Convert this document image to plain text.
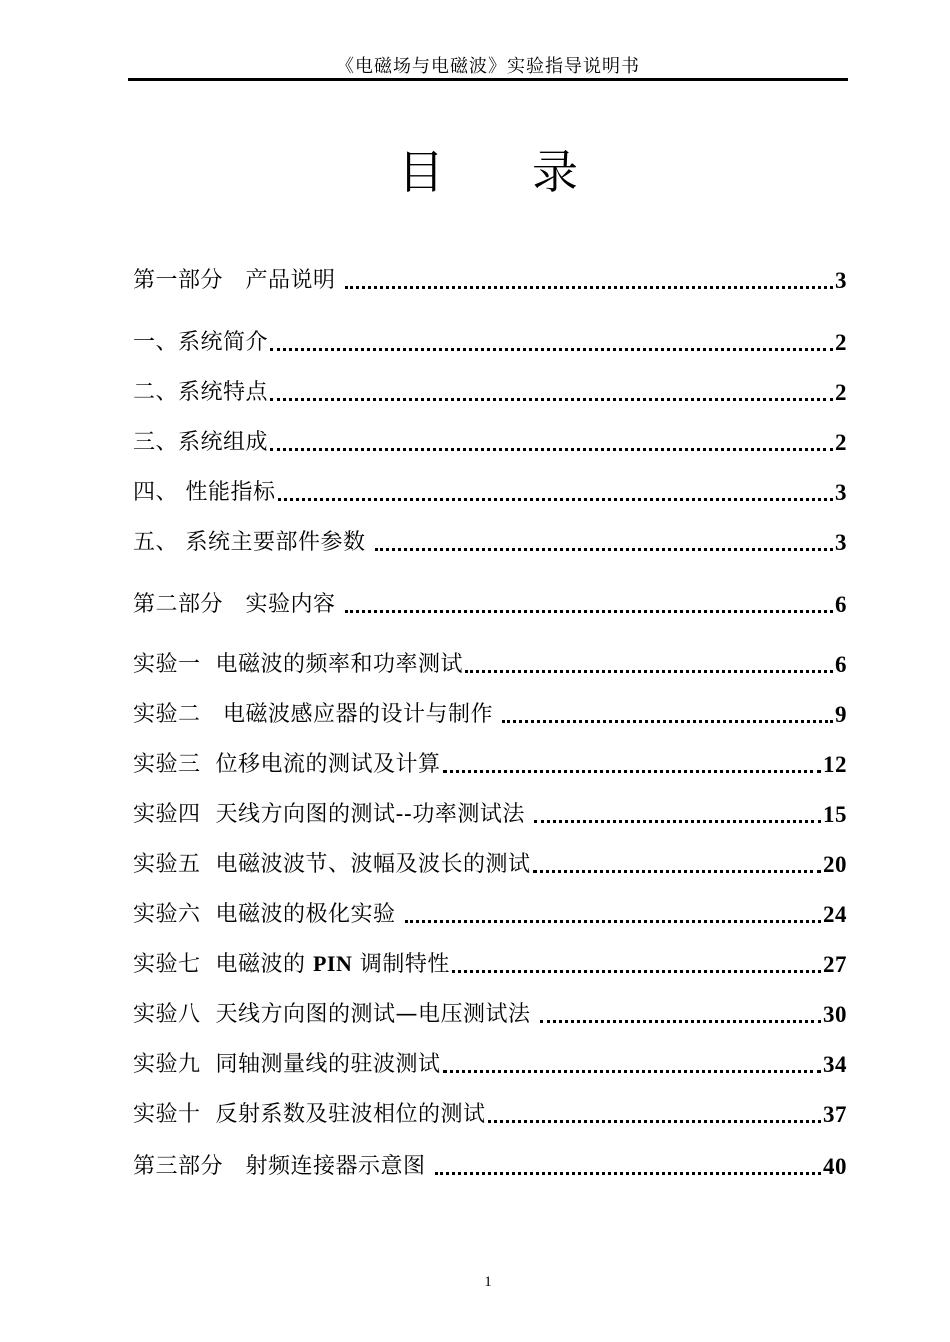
《电磁场与电磁波》实验指导说明书
目 录
第一部分　产品说明	3
一、系统简介	2
二、系统特点	2
三、系统组成	2
四、 性能指标	3
五、 系统主要部件参数	3
第二部分　实验内容	6
实验一  电磁波的频率和功率测试	6
实验二   电磁波感应器的设计与制作	9
实验三  位移电流的测试及计算	12
实验四  天线方向图的测试--功率测试法	15
实验五  电磁波波节、波幅及波长的测试	20
实验六  电磁波的极化实验	24
实验七  电磁波的 PIN 调制特性	27
实验八  天线方向图的测试—电压测试法	30
实验九  同轴测量线的驻波测试	34
实验十  反射系数及驻波相位的测试	37
第三部分　射频连接器示意图	40
1
